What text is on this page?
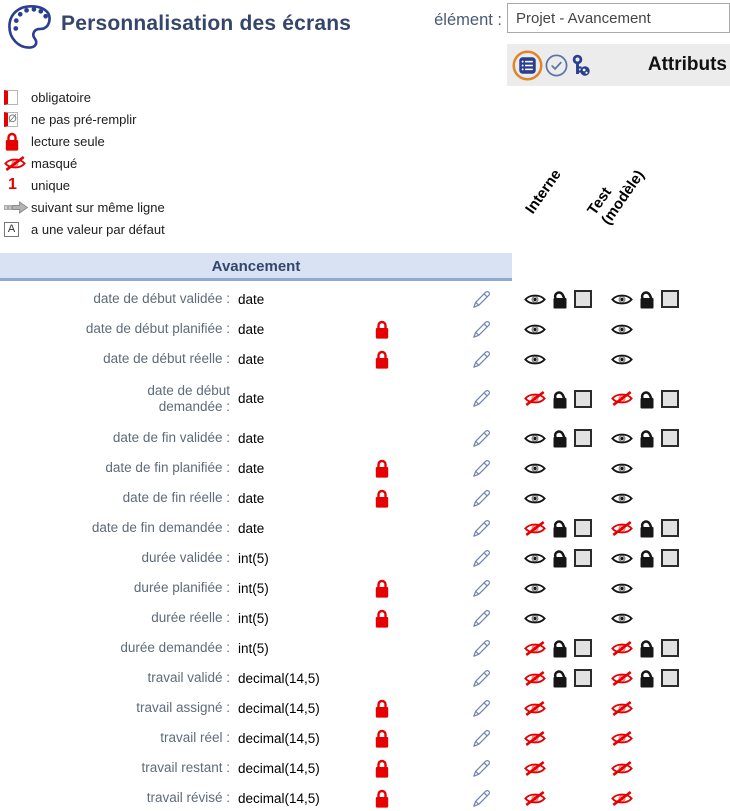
Personnalisation des écrans	élément :
Projet - Avancement
Attributs
obligatoire
Ø ne pas pré-remplir
lecture seule
masqué
1 unique
suivant sur même ligne
A a une valeur par défaut
Interne Test
(modèle)
Avancement
date de début validée : date
date de début planifiée : date
date de début réelle : date
date de début
demandée : date
date de fin validée : date
date de fin planifiée : date
date de fin réelle : date
date de fin demandée : date
durée validée : int(5)
durée planifiée : int(5)
durée réelle : int(5)
durée demandée : int(5)
travail validé : decimal(14,5)
travail assigné : decimal(14,5)
travail réel : decimal(14,5)
travail restant : decimal(14,5)
travail révisé : decimal(14,5)
